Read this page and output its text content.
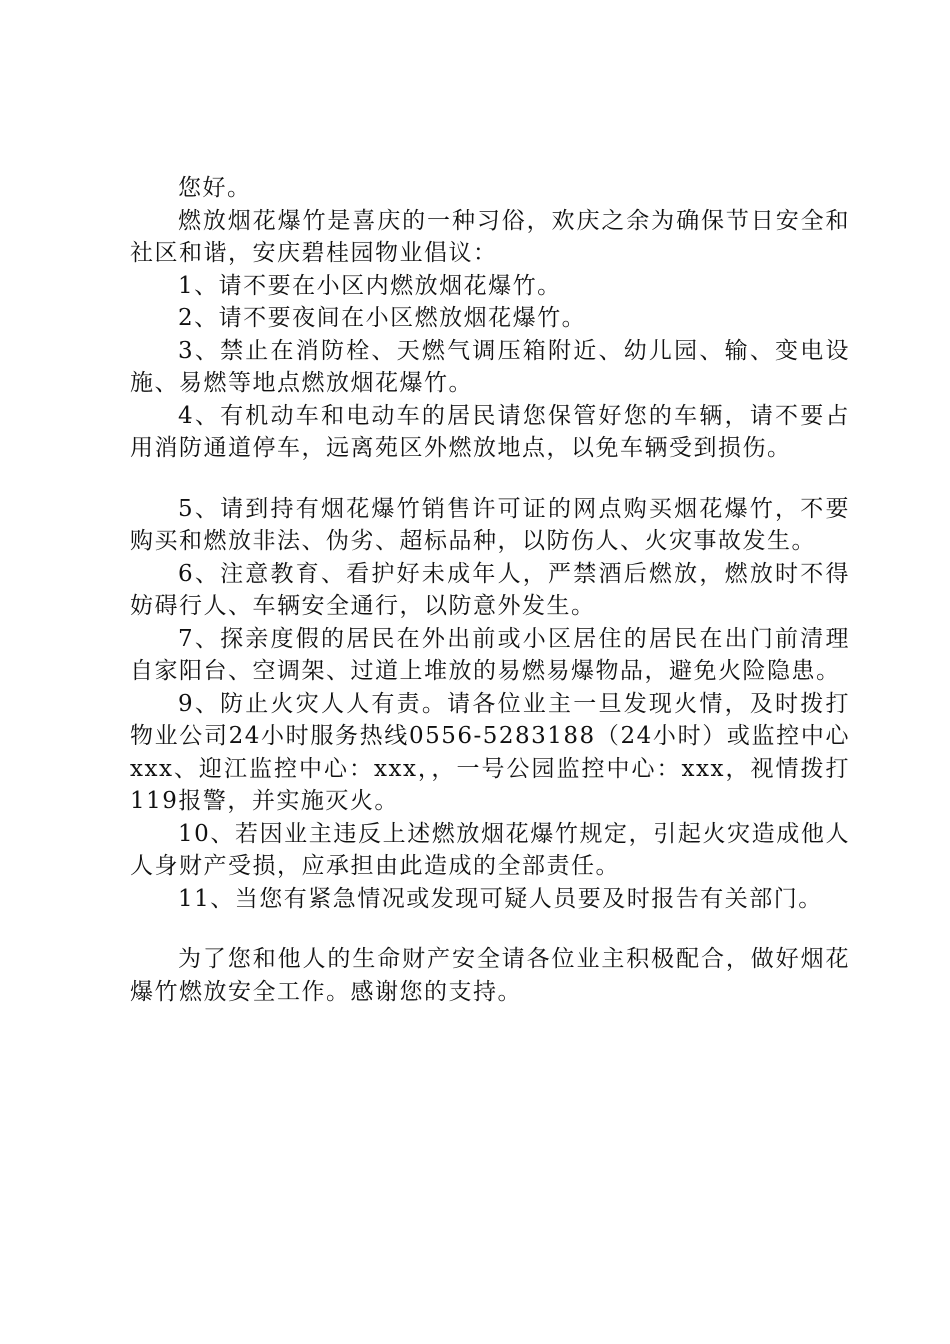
您好。

燃放烟花爆竹是喜庆的一种习俗，欢庆之余为确保节日安全和社区和谐，安庆碧桂园物业倡议：

1、请不要在小区内燃放烟花爆竹。

2、请不要夜间在小区燃放烟花爆竹。

3、禁止在消防栓、天燃气调压箱附近、幼儿园、输、变电设施、易燃等地点燃放烟花爆竹。

4、有机动车和电动车的居民请您保管好您的车辆，请不要占用消防通道停车，远离苑区外燃放地点，以免车辆受到损伤。

5、请到持有烟花爆竹销售许可证的网点购买烟花爆竹，不要购买和燃放非法、伪劣、超标品种，以防伤人、火灾事故发生。

6、注意教育、看护好未成年人，严禁酒后燃放，燃放时不得妨碍行人、车辆安全通行，以防意外发生。

7、探亲度假的居民在外出前或小区居住的居民在出门前清理自家阳台、空调架、过道上堆放的易燃易爆物品，避免火险隐患。

9、防止火灾人人有责。请各位业主一旦发现火情，及时拨打物业公司24小时服务热线0556-5283188（24小时）或监控中心xxx、迎江监控中心：xxx，，一号公园监控中心：xxx，视情拨打119报警，并实施灭火。

10、若因业主违反上述燃放烟花爆竹规定，引起火灾造成他人人身财产受损，应承担由此造成的全部责任。

11、当您有紧急情况或发现可疑人员要及时报告有关部门。

为了您和他人的生命财产安全请各位业主积极配合，做好烟花爆竹燃放安全工作。感谢您的支持。
